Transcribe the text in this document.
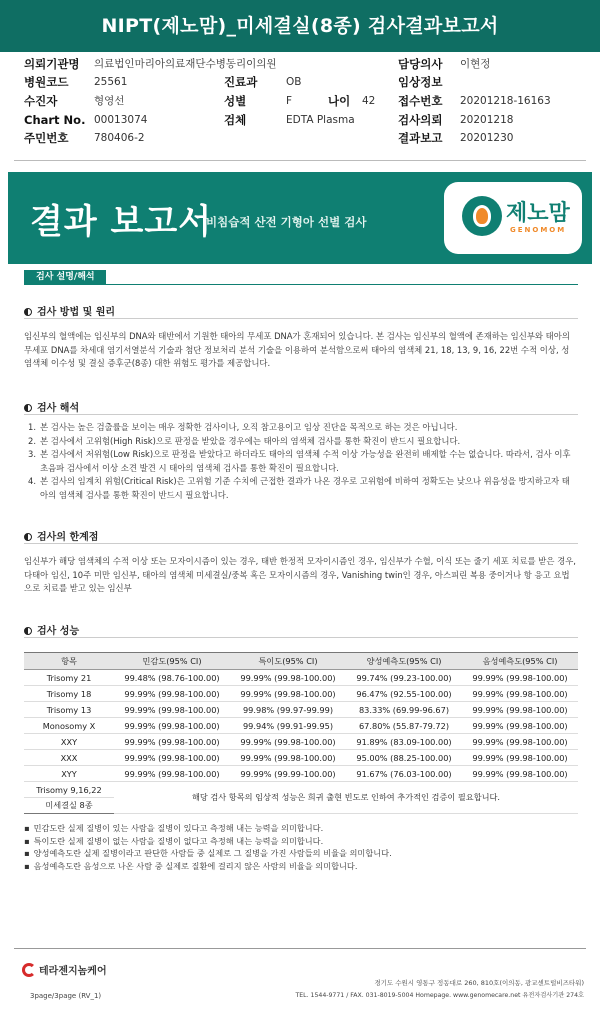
NIPT(제노맘)_미세결실(8종) 검사결과보고서
의뢰기관명 의료법인마리아의료재단수병동리이의원	담당의사 이현정
병원코드 25561	진료과	OB	임상정보
수진자	형영선	성별	F	나이 42 접수번호 20201218-16163
Chart No. 00013074	검체	EDTA Plasma	검사의뢰 20201218
주민번호 780406-2	결과보고 20201230
결과 보고서
비침습적 산전 기형아 선별 검사	제노맘
GENOMOM
검사 설명/해석
검사 방법 및 원리
임신부의 혈액에는 임신부의 DNA와 태반에서 기원한 태아의 무세포 DNA가 혼재되어 있습니다. 본 검사는 임신부의 혈액에 존재하는 임신부와 태아의 무세포 DNA를 차세대 염기서열분석 기술과 첨단 정보처리 분석 기술을 이용하여 분석함으로써 태아의 염색체 21, 18, 13, 9, 16, 22번 수적 이상, 성염색체 이수성 및 결실 증후군(8종) 대한 위험도 평가를 제공합니다.
검사 해석
1. 본 검사는 높은 검출률을 보이는 매우 정확한 검사이나, 오직 참고용이고 임상 진단을 목적으로 하는 것은 아닙니다.
2. 본 검사에서 고위험(High Risk)으로 판정을 받았을 경우에는 태아의 염색체 검사를 통한 확진이 반드시 필요합니다.
3. 본 검사에서 저위험(Low Risk)으로 판정을 받았다고 하더라도 태아의 염색체 수적 이상 가능성을 완전히 배제할 수는 없습니다. 따라서, 검사 이후 초음파 검사에서 이상 소견 발견 시 태아의 염색체 검사를 통한 확진이 필요합니다.
4. 본 검사의 임계치 위험(Critical Risk)은 고위험 기준 수치에 근접한 결과가 나온 경우로 고위험에 비하여 정확도는 낮으나 위음성을 방지하고자 태아의 염색체 검사를 통한 확진이 반드시 필요합니다.
검사의 한계점
임신부가 해당 염색체의 수적 이상 또는 모자이시즘이 있는 경우, 태반 한정적 모자이시즘인 경우, 임신부가 수혈, 이식 또는 줄기 세포 치료를 받은 경우, 다태아 임신, 10주 미만 임신부, 태아의 염색체 미세결실/중복 혹은 모자이시즘의 경우, Vanishing twin인 경우, 아스피린 복용 중이거나 항 응고 요법으로 치료를 받고 있는 임신부
검사 성능
항목	민감도(95% CI)	특이도(95% CI)	양성예측도(95% CI)	음성예측도(95% CI)
Trisomy 21	99.48% (98.76-100.00)	99.99% (99.98-100.00)	99.74% (99.23-100.00)	99.99% (99.98-100.00)
Trisomy 18	99.99% (99.98-100.00)	99.99% (99.98-100.00)	96.47% (92.55-100.00)	99.99% (99.98-100.00)
Trisomy 13	99.99% (99.98-100.00)	99.98% (99.97-99.99)	83.33% (69.99-96.67)	99.99% (99.98-100.00)
Monosomy X	99.99% (99.98-100.00)	99.94% (99.91-99.95)	67.80% (55.87-79.72)	99.99% (99.98-100.00)
XXY	99.99% (99.98-100.00)	99.99% (99.98-100.00)	91.89% (83.09-100.00)	99.99% (99.98-100.00)
XXX	99.99% (99.98-100.00)	99.99% (99.98-100.00)	95.00% (88.25-100.00)	99.99% (99.98-100.00)
XYY	99.99% (99.98-100.00)	99.99% (99.99-100.00)	91.67% (76.03-100.00)	99.99% (99.98-100.00)
Trisomy 9,16,22	해당 검사 항목의 임상적 성능은 희귀 출현 빈도로 인하여 추가적인 검증이 필요합니다.			
미세결실 8종				
▪ 민감도란 실제 질병이 있는 사람을 질병이 있다고 측정해 내는 능력을 의미합니다.
▪ 특이도란 실제 질병이 없는 사람을 질병이 없다고 측정해 내는 능력을 의미합니다.
▪ 양성예측도란 실제 질병이라고 판단한 사람들 중 실제로 그 질병을 가진 사람들의 비율을 의미합니다.
▪ 음성예측도란 음성으로 나온 사람 중 실제로 질환에 걸리지 않은 사람의 비율을 의미합니다.
테라젠지놈케어
경기도 수원시 영통구 정동대로 260, 810호(이의동, 광교센트럴비즈타워)
TEL. 1544-9771 / FAX. 031-8019-5004 Homepage. www.genomecare.net 유전자검사기관 274호
3page/3page (RV_1)
